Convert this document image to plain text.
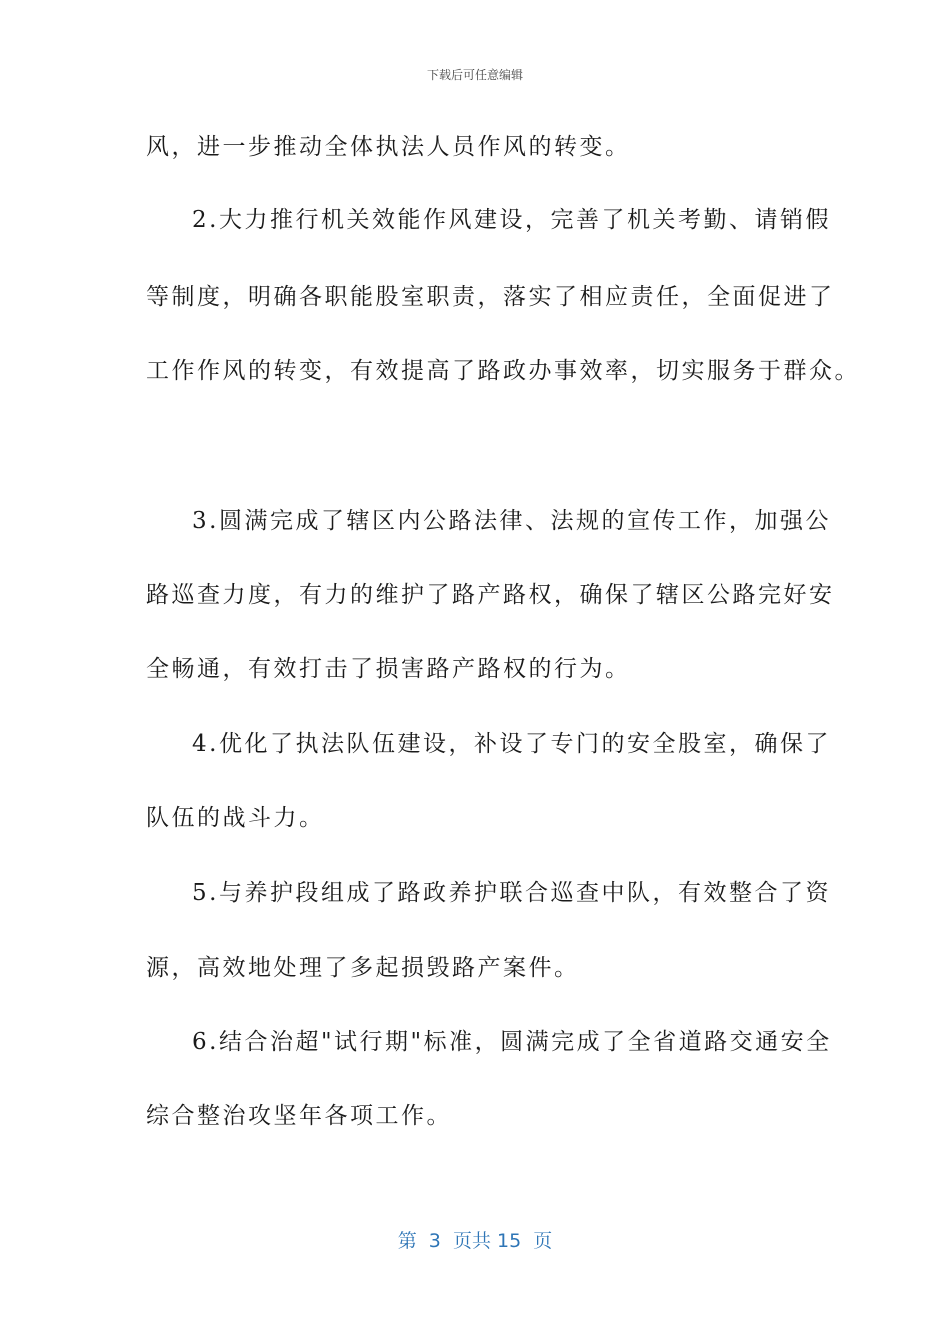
下载后可任意编辑
风，进一步推动全体执法人员作风的转变。
2.大力推行机关效能作风建设，完善了机关考勤、请销假
等制度，明确各职能股室职责，落实了相应责任，全面促进了
工作作风的转变，有效提高了路政办事效率，切实服务于群众。
3.圆满完成了辖区内公路法律、法规的宣传工作，加强公
路巡查力度，有力的维护了路产路权，确保了辖区公路完好安
全畅通，有效打击了损害路产路权的行为。
4.优化了执法队伍建设，补设了专门的安全股室，确保了
队伍的战斗力。
5.与养护段组成了路政养护联合巡查中队，有效整合了资
源，高效地处理了多起损毁路产案件。
6.结合治超"试行期"标准，圆满完成了全省道路交通安全
综合整治攻坚年各项工作。
第  3  页共 15  页
